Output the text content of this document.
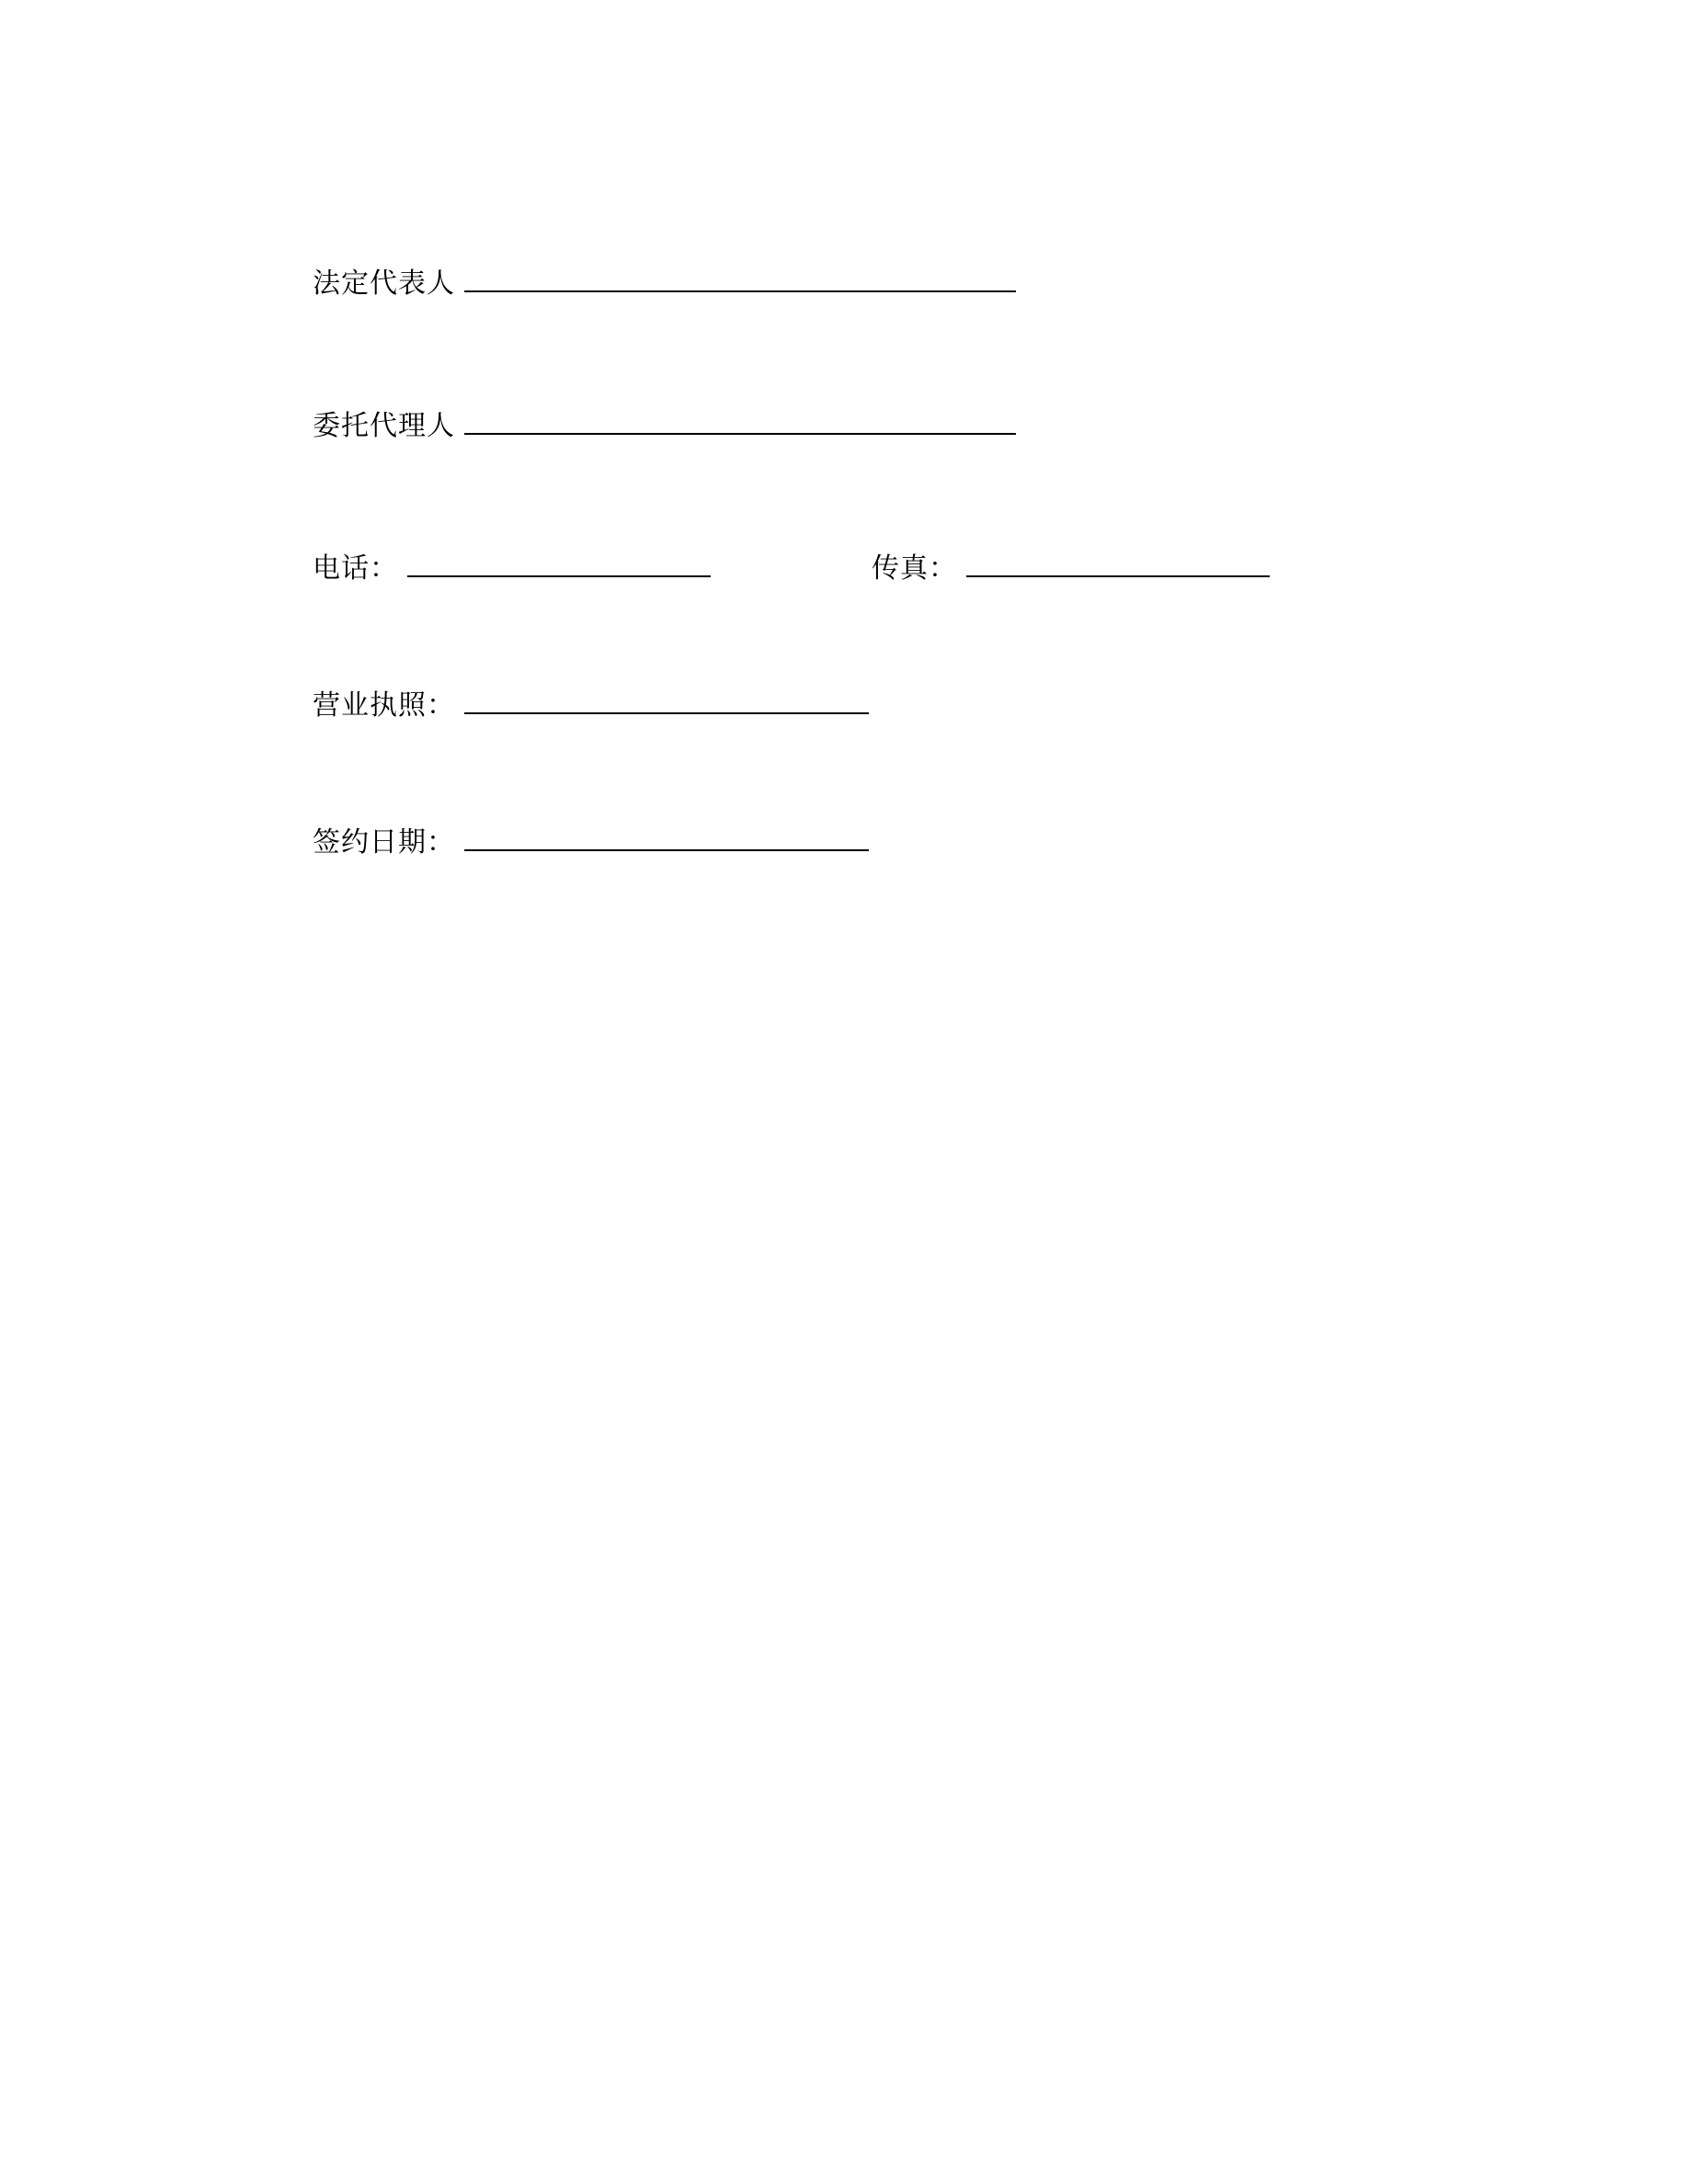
法定代表人
委托代理人
电话：	传真：
营业执照：
签约日期：
